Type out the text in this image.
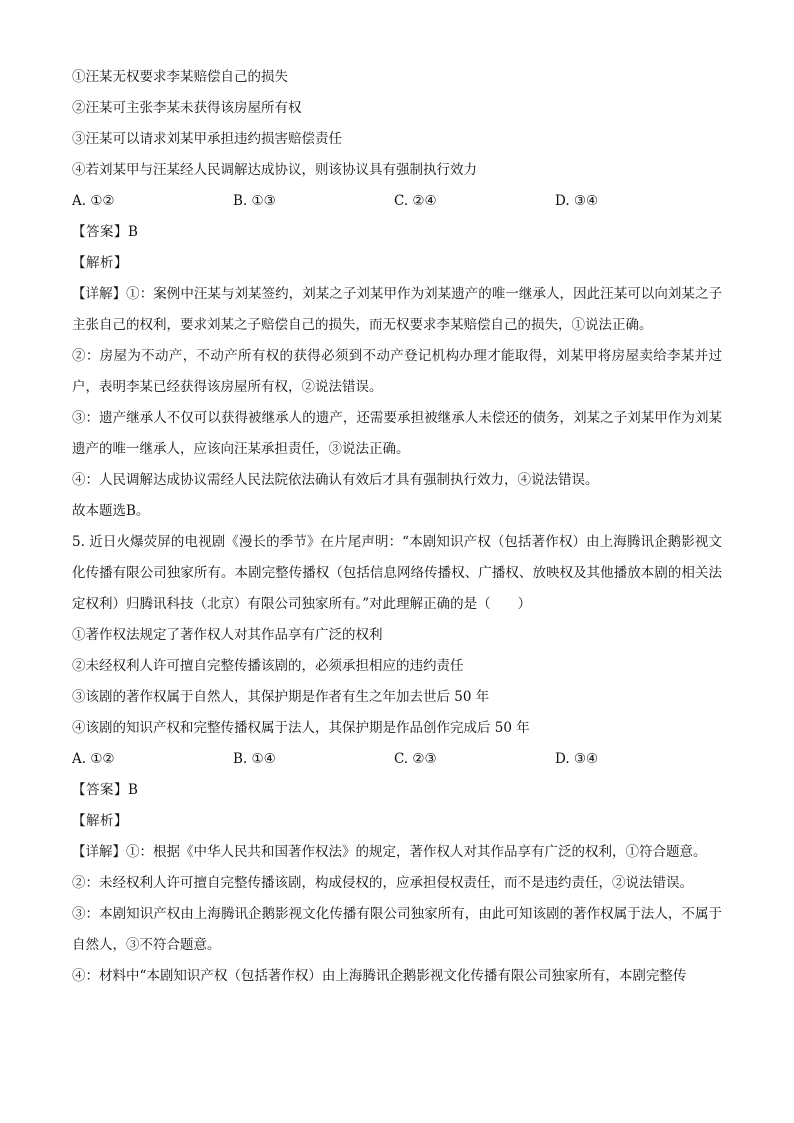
①汪某无权要求李某赔偿自己的损失
②汪某可主张李某未获得该房屋所有权
③汪某可以请求刘某甲承担违约损害赔偿责任
④若刘某甲与汪某经人民调解达成协议，则该协议具有强制执行效力
A. ①②	B. ①③	C. ②④	D. ③④
【答案】B
【解析】
【详解】①：案例中汪某与刘某签约，刘某之子刘某甲作为刘某遗产的唯一继承人，因此汪某可以向刘某之子主张自己的权利，要求刘某之子赔偿自己的损失，而无权要求李某赔偿自己的损失，①说法正确。
②：房屋为不动产，不动产所有权的获得必须到不动产登记机构办理才能取得，刘某甲将房屋卖给李某并过户，表明李某已经获得该房屋所有权，②说法错误。
③：遗产继承人不仅可以获得被继承人的遗产，还需要承担被继承人未偿还的债务，刘某之子刘某甲作为刘某遗产的唯一继承人，应该向汪某承担责任，③说法正确。
④：人民调解达成协议需经人民法院依法确认有效后才具有强制执行效力，④说法错误。
故本题选B。
5. 近日火爆荧屏的电视剧《漫长的季节》在片尾声明：“本剧知识产权（包括著作权）由上海腾讯企鹅影视文化传播有限公司独家所有。本剧完整传播权（包括信息网络传播权、广播权、放映权及其他播放本剧的相关法定权利）归腾讯科技（北京）有限公司独家所有。”对此理解正确的是（　　）
①著作权法规定了著作权人对其作品享有广泛的权利
②未经权利人许可擅自完整传播该剧的，必须承担相应的违约责任
③该剧的著作权属于自然人，其保护期是作者有生之年加去世后 50 年
④该剧的知识产权和完整传播权属于法人，其保护期是作品创作完成后 50 年
A. ①②	B. ①④	C. ②③	D. ③④
【答案】B
【解析】
【详解】①：根据《中华人民共和国著作权法》的规定，著作权人对其作品享有广泛的权利，①符合题意。
②：未经权利人许可擅自完整传播该剧，构成侵权的，应承担侵权责任，而不是违约责任，②说法错误。
③：本剧知识产权由上海腾讯企鹅影视文化传播有限公司独家所有，由此可知该剧的著作权属于法人，不属于自然人，③不符合题意。
④：材料中“本剧知识产权（包括著作权）由上海腾讯企鹅影视文化传播有限公司独家所有，本剧完整传
